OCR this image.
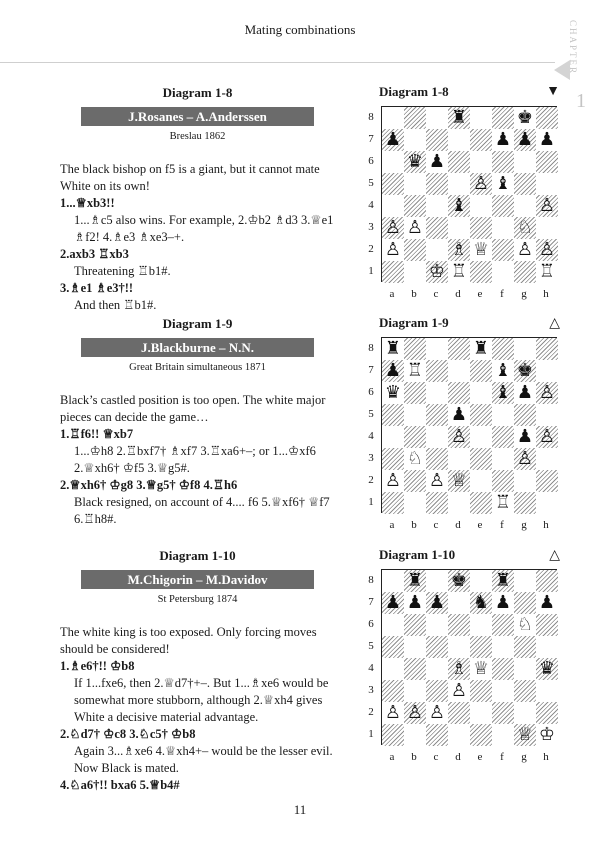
Mating combinations	CHAPTER
1
Diagram 1-8
J.Rosanes – A.Anderssen
Breslau 1862
The black bishop on f5 is a giant, but it cannot mate White on its own!
1...♕xb3!!
1...♗c5 also wins. For example, 2.♔b2 ♗d3 3.♕e1 ♗f2! 4.♗e3 ♗xe3–+.
2.axb3 ♖xb3
Threatening ♖b1#.
3.♗e1 ♗e3†!!
And then ♖b1#.
Diagram 1-8	▼
8
7
6
5
4
3
2
1
♜	♚
♟	♟ ♟ ♟
♛ ♟
♙ ♝
♝	♙
♙ ♙	♘
♙	♗ ♕ ♙ ♙
♔ ♖	♖
a	b	c	d	e	f	g	h
Diagram 1-9
J.Blackburne – N.N.
Great Britain simultaneous 1871
Black’s castled position is too open. The white major pieces can decide the game…
1.♖f6!! ♕xb7
1...♔h8 2.♖bxf7† ♗xf7 3.♖xa6+–; or 1...♔xf6 2.♕xh6† ♔f5 3.♕g5#.
2.♕xh6† ♔g8 3.♕g5† ♔f8 4.♖h6
Black resigned, on account of 4.... f6 5.♕xf6† ♕f7 6.♖h8#.
Diagram 1-9	△
8
7
6
5
4
3
2
1
♜	♜
♟ ♖	♝ ♚
♛	♝ ♟ ♙
♟
♙	♟ ♙
♘	♙
♙ ♙ ♕
♖
a	b	c	d	e	f	g	h
Diagram 1-10
M.Chigorin – M.Davidov
St Petersburg 1874
The white king is too exposed. Only forcing moves should be considered!
1.♗e6†!! ♔b8
If 1...fxe6, then 2.♕d7†+–. But 1...♗xe6 would be somewhat more stubborn, although 2.♕xh4 gives White a decisive material advantage.
2.♘d7† ♔c8 3.♘c5† ♔b8
Again 3...♗xe6 4.♕xh4+– would be the lesser evil. Now Black is mated.
4.♘a6†!! bxa6 5.♕b4#
Diagram 1-10	△
8
7
6
5
4
3
2
1
♜ ♚ ♜
♟ ♟ ♟ ♞ ♟ ♟
♘
♗ ♕	♛
♙
♙ ♙ ♙
♕ ♔
a	b	c	d	e	f	g	h
11
